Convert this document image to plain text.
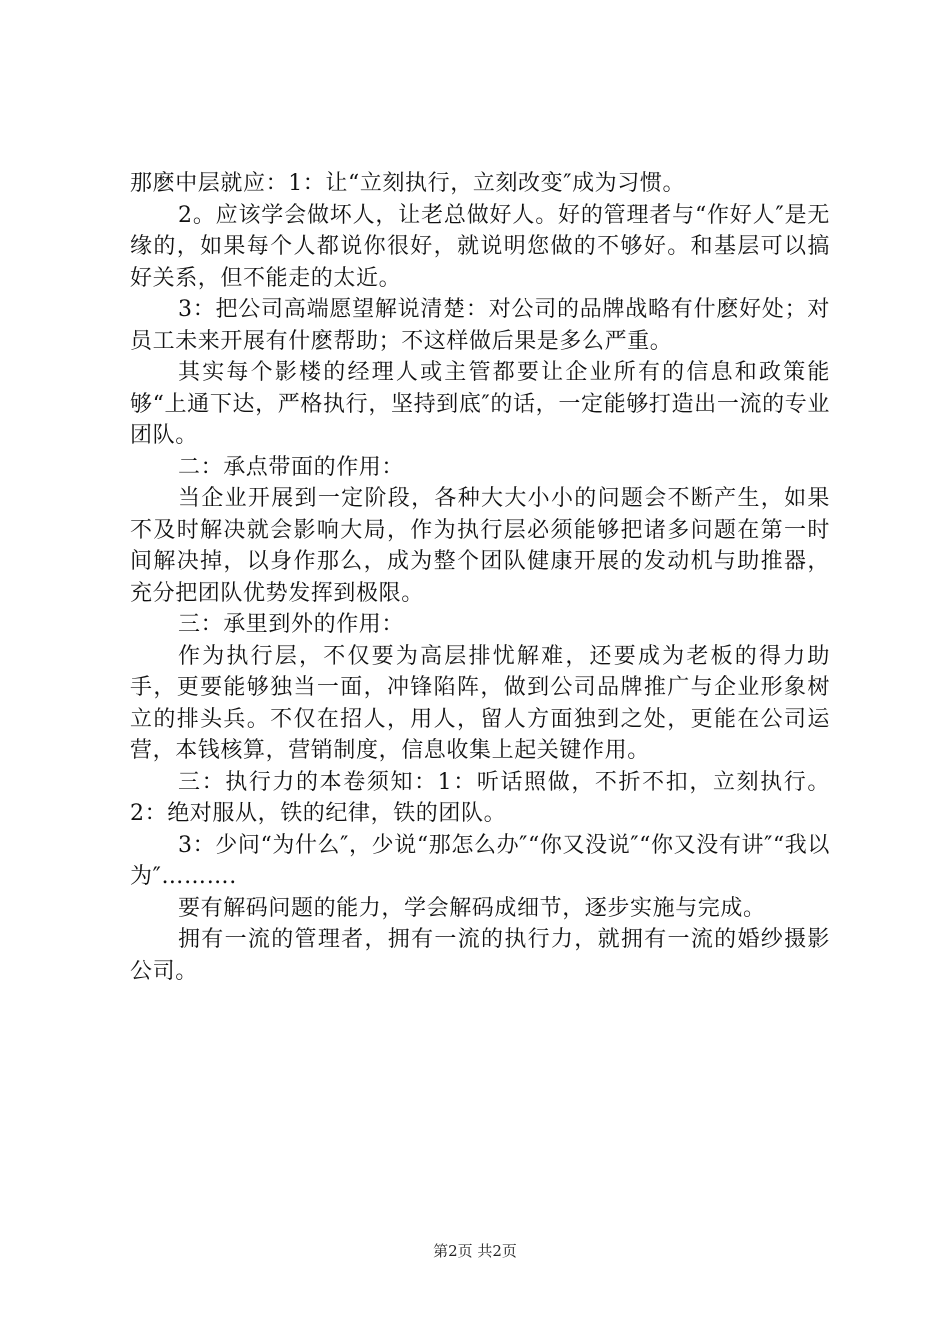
那麽中层就应：1：让“立刻执行，立刻改变″成为习惯。

2。应该学会做坏人，让老总做好人。好的管理者与“作好人″是无缘的，如果每个人都说你很好，就说明您做的不够好。和基层可以搞好关系，但不能走的太近。

3：把公司高端愿望解说清楚：对公司的品牌战略有什麽好处；对员工未来开展有什麽帮助；不这样做后果是多么严重。

其实每个影楼的经理人或主管都要让企业所有的信息和政策能够“上通下达，严格执行，坚持到底″的话，一定能够打造出一流的专业团队。

二：承点带面的作用：

当企业开展到一定阶段，各种大大小小的问题会不断产生，如果不及时解决就会影响大局，作为执行层必须能够把诸多问题在第一时间解决掉，以身作那么，成为整个团队健康开展的发动机与助推器，充分把团队优势发挥到极限。

三：承里到外的作用：

作为执行层，不仅要为高层排忧解难，还要成为老板的得力助手，更要能够独当一面，冲锋陷阵，做到公司品牌推广与企业形象树立的排头兵。不仅在招人，用人，留人方面独到之处，更能在公司运营，本钱核算，营销制度，信息收集上起关键作用。

三：执行力的本卷须知：1：听话照做，不折不扣，立刻执行。2：绝对服从，铁的纪律，铁的团队。

3：少问“为什么″，少说“那怎么办″“你又没说″“你又没有讲″“我以为″……….

要有解码问题的能力，学会解码成细节，逐步实施与完成。

拥有一流的管理者，拥有一流的执行力，就拥有一流的婚纱摄影公司。

第2页 共2页
